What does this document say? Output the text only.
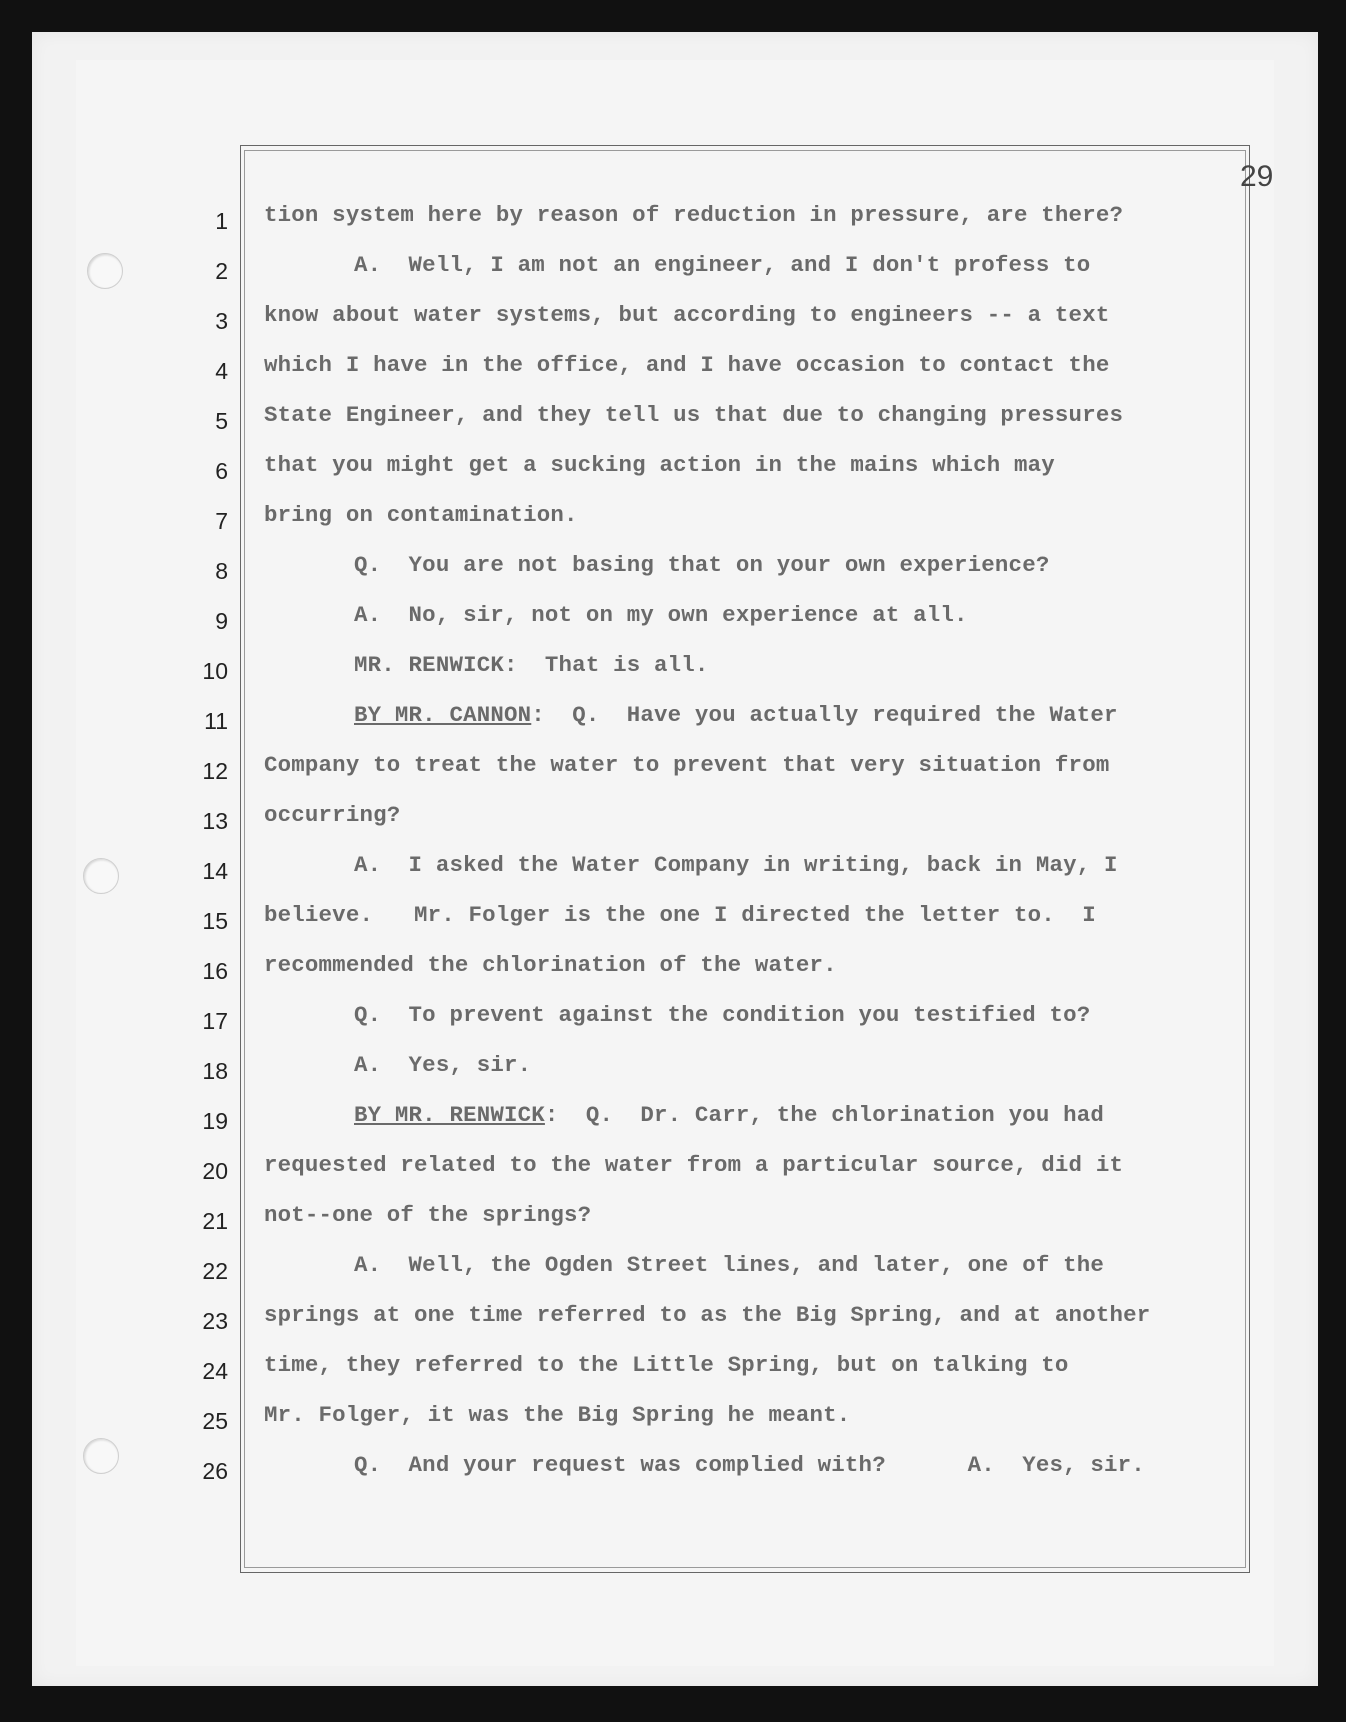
29
1
2
3
4
5
6
7
8
9
10
11
12
13
14
15
16
17
18
19
20
21
22
23
24
25
26
tion system here by reason of reduction in pressure, are there?
A.  Well, I am not an engineer, and I don't profess to
know about water systems, but according to engineers -- a text
which I have in the office, and I have occasion to contact the
State Engineer, and they tell us that due to changing pressures
that you might get a sucking action in the mains which may
bring on contamination.
Q.  You are not basing that on your own experience?
A.  No, sir, not on my own experience at all.
MR. RENWICK:  That is all.
BY MR. CANNON:  Q.  Have you actually required the Water
Company to treat the water to prevent that very situation from
occurring?
A.  I asked the Water Company in writing, back in May, I
believe.   Mr. Folger is the one I directed the letter to.  I
recommended the chlorination of the water.
Q.  To prevent against the condition you testified to?
A.  Yes, sir.
BY MR. RENWICK:  Q.  Dr. Carr, the chlorination you had
requested related to the water from a particular source, did it
not--one of the springs?
A.  Well, the Ogden Street lines, and later, one of the
springs at one time referred to as the Big Spring, and at another
time, they referred to the Little Spring, but on talking to
Mr. Folger, it was the Big Spring he meant.
Q.  And your request was complied with?      A.  Yes, sir.
